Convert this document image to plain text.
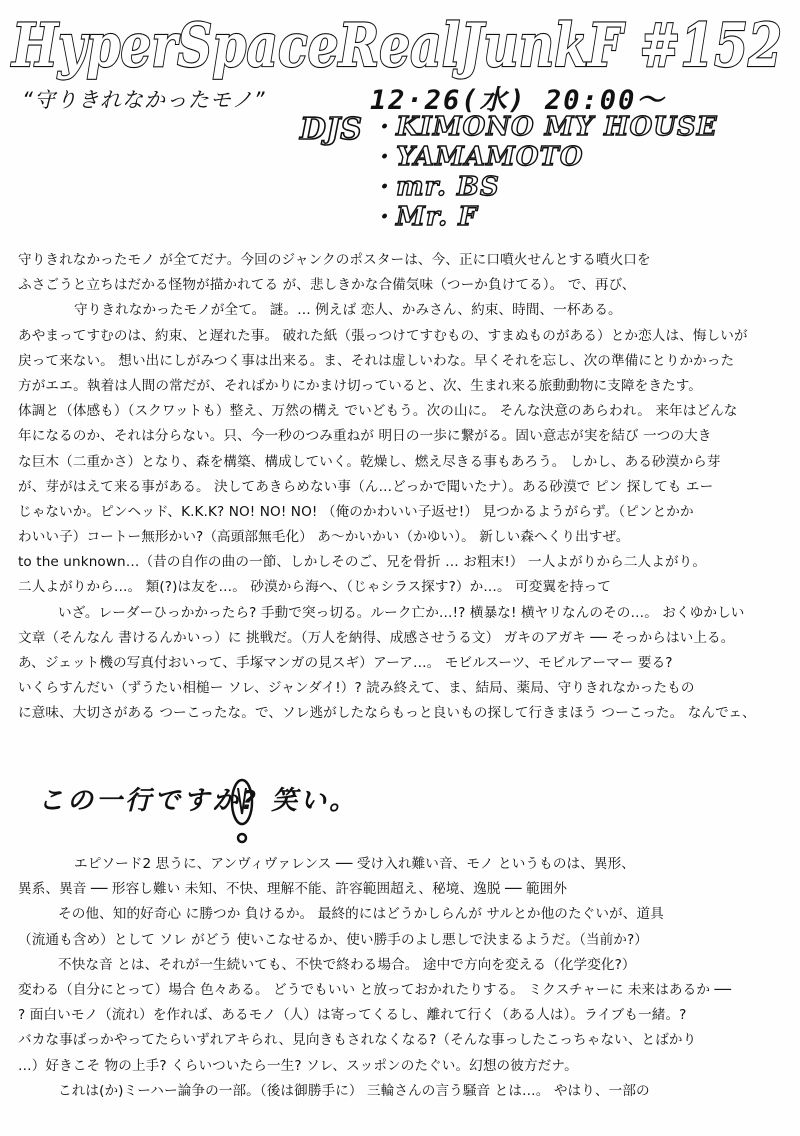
HyperSpaceRealJunkF #152
“守りきれなかったモノ”	12·26(水) 20:00〜
DJS
·	KIMONO MY HOUSE
· YAMAMOTO
· mr. BS
· Mr. F
守りきれなかったモノ が全てだナ。今回のジャンクのポスターは、今、正に口噴火せんとする噴火口を
ふさごうと立ちはだかる怪物が描かれてる が、悲しきかな合備気味（つーか負けてる）。 で、再び、
守りきれなかったモノが全て。 謎。… 例えば 恋人、かみさん、約束、時間、一杯ある。
あやまってすむのは、約束、と遅れた事。 破れた紙（張っつけてすむもの、すまぬものがある）とか恋人は、悔しいが
戻って来ない。 想い出にしがみつく事は出来る。ま、それは虚しいわな。早くそれを忘し、次の準備にとりかかった
方がエエ。執着は人間の常だが、そればかりにかまけ切っていると、次、生まれ来る旅動動物に支障をきたす。
体調と（体感も）（スクワットも）整え、万然の構え でいどもう。次の山に。 そんな決意のあらわれ。 来年はどんな
年になるのか、それは分らない。只、今一秒のつみ重ねが 明日の一歩に繋がる。固い意志が実を結び 一つの大き
な巨木（二重かさ）となり、森を構築、構成していく。乾燥し、燃え尽きる事もあろう。 しかし、ある砂漠から芽
が、芽がはえて来る事がある。 決してあきらめない事（ん…どっかで聞いたナ）。ある砂漠で ピン 探しても エー
じゃないか。ピンヘッド、K.K.K? NO! NO! NO! （俺のかわいい子返せ!） 見つかるようがらず。（ピンとかか
わいい子）コートー無形かい?（高頭部無毛化） あ〜かいかい（かゆい）。 新しい森へくり出すぜ。
to the unknown…（昔の自作の曲の一節、しかしそのご、兄を骨折 … お粗末!） 一人よがりから二人よがり。
二人よがりから…。 類(?)は友を…。 砂漠から海へ、（じゃシラス探す?）か…。 可変翼を持って
いざ。レーダーひっかかったら? 手動で突っ切る。ルーク亡か…!? 横暴な! 横ヤリなんのその…。 おくゆかしい
文章（そんなん 書けるんかいっ）に 挑戦だ。（万人を納得、成感させうる文） ガキのアガキ ── そっからはい上る。
あ、ジェット機の写真付おいって、手塚マンガの見スギ）アーア…。 モビルスーツ、モビルアーマー 要る?
いくらすんだい（ずうたい相槌ー ソレ、ジャンダイ!）? 読み終えて、ま、結局、薬局、守りきれなかったもの
に意味、大切さがある つーこったな。で、ソレ逃がしたならもっと良いもの探して行きまほう つーこった。 なんでェ、
この一行ですか? 笑い。
エピソード2 思うに、アンヴィヴァレンス ── 受け入れ難い音、モノ というものは、異形、
異系、異音 ── 形容し難い 未知、不快、理解不能、許容範囲超え、秘境、逸脱 ── 範囲外
その他、知的好奇心 に勝つか 負けるか。 最終的にはどうかしらんが サルとか他のたぐいが、道具
（流通も含め）として ソレ がどう 使いこなせるか、使い勝手のよし悪しで決まるようだ。（当前か?）
不快な音 とは、それが一生続いても、不快で終わる場合。 途中で方向を変える（化学変化?）
変わる（自分にとって）場合 色々ある。 どうでもいい と放っておかれたりする。 ミクスチャーに 未来はあるか ──
? 面白いモノ（流れ）を作れば、あるモノ（人）は寄ってくるし、離れて行く（ある人は）。ライブも一緒。?
バカな事ばっかやってたらいずれアキられ、見向きもされなくなる?（そんな事っしたこっちゃない、とばかり
…）好きこそ 物の上手? くらいついたら一生? ソレ、スッポンのたぐい。幻想の彼方だナ。
これは(か)ミーハー論争の一部。（後は御勝手に） 三輪さんの言う騒音 とは…。 やはり、一部の
